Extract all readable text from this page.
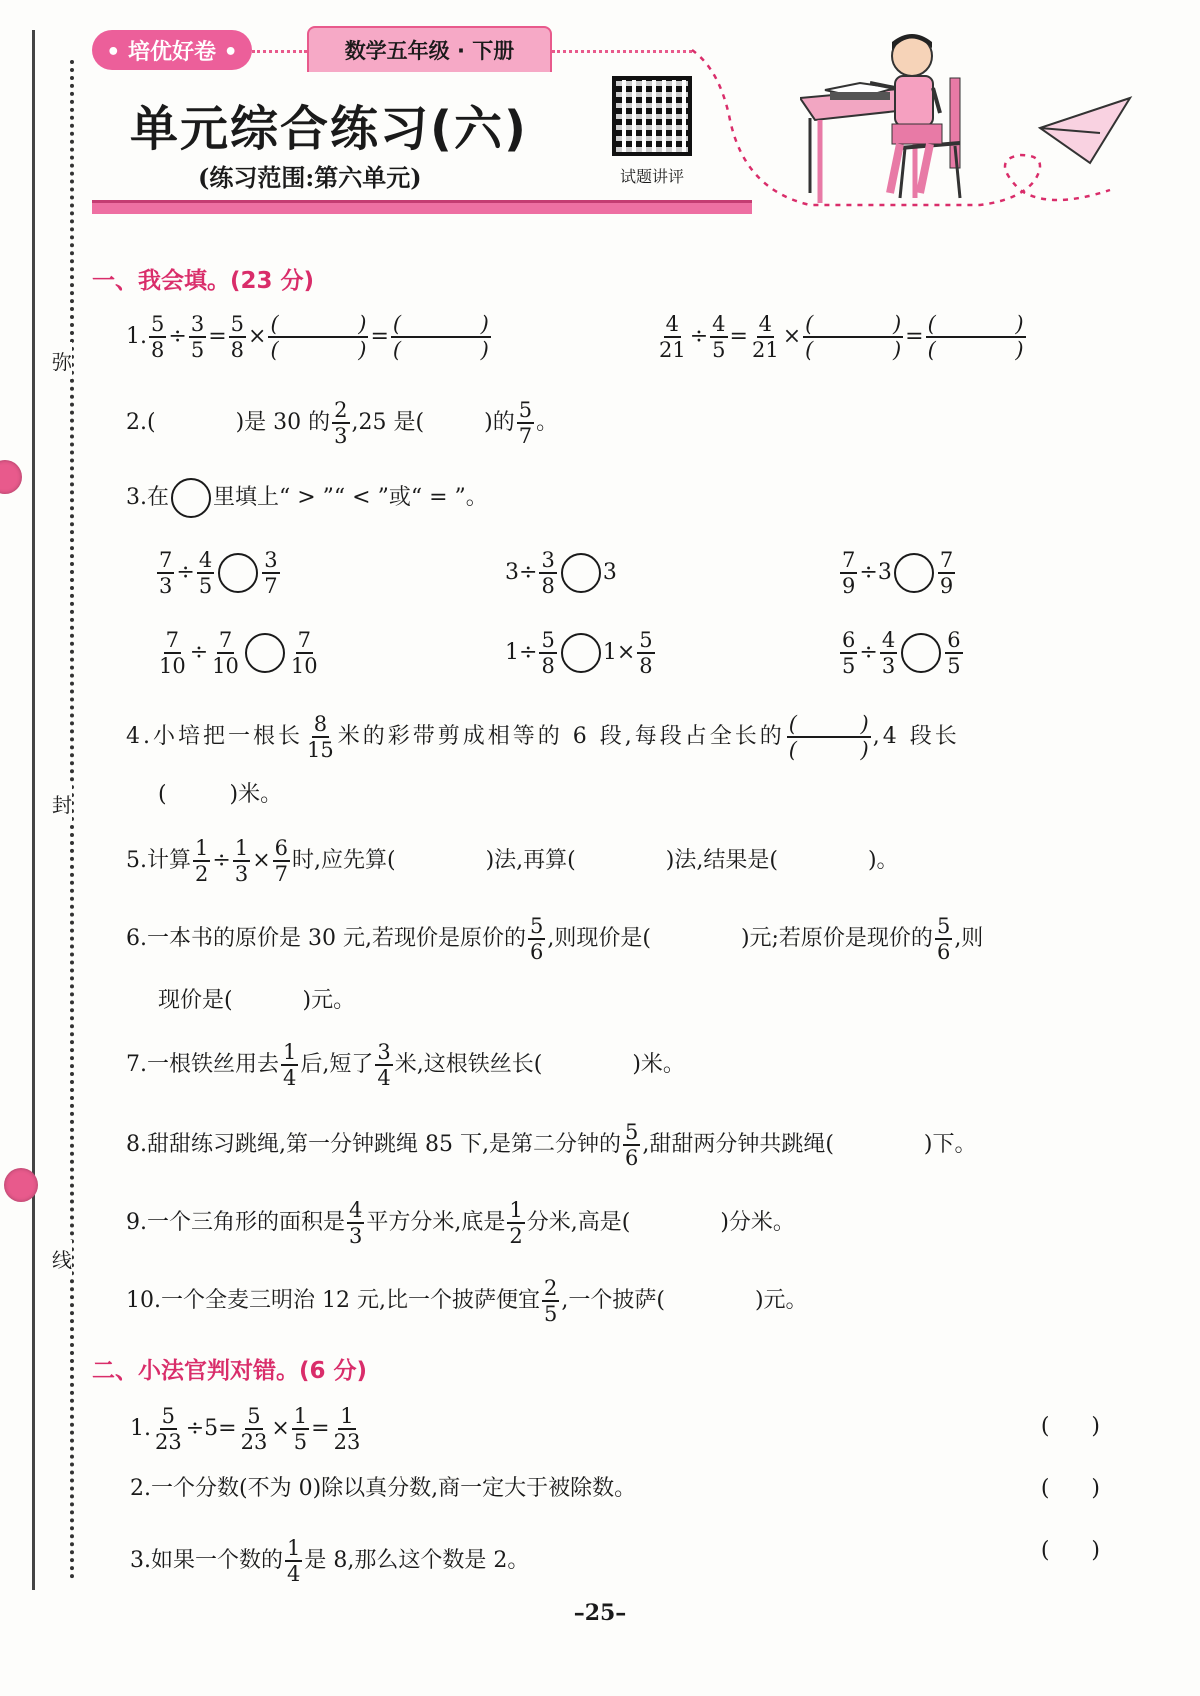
弥
封
线
• 培优好卷 •	数学五年级 · 下册
单元综合练习(六)
(练习范围:第六单元)	试题讲评
一、我会填。(23 分)
1. $\frac{5}{8} \div \frac{3}{5} = \frac{5}{8}$ × (	)
(	) = (	)
(	)	$\frac{4}{21} \div \frac{4}{5} = \frac{4}{21}$ × (	)
(	) = (	)
(	)
2. (	)是 30 的 $\frac{2}{3} ,25$ 是(	)的 $\frac{5}{7}$ 。
3. 在 里填上“ > ”“ < ”或“ = ”。
$\frac{7}{3} \div \frac{4}{5} \frac{3}{7}$	$3 \div \frac{3}{8} 3$	$\frac{7}{9} \div 3 \frac{7}{9}$
$\frac{7}{10} \div \frac{7}{10} \frac{7}{10}$	$1 \div \frac{5}{8} 1 \times \frac{5}{8}$	$\frac{6}{5} \div \frac{4}{3} \frac{6}{5}$
4. 小培把一根长 $\frac{8}{15}$ 米的彩带剪成相等的 6 段,每段占全长的 (	)
(	) ,4 段长
(         )米。
5. 计算 $\frac{1}{2} \div \frac{1}{3} \times \frac{6}{7}$ 时,应先算(	)法,再算(	)法,结果是(	)。
6. 一本书的原价是 30 元,若现价是原价的 $\frac{5}{6}$ ,则现价是(	)元;若原价是现价的 $\frac{5}{6}$ ,则
现价是(          )元。
7. 一根铁丝用去 $\frac{1}{4}$ 后,短了 $\frac{3}{4}$ 米,这根铁丝长(	)米。
8. 甜甜练习跳绳,第一分钟跳绳 85 下,是第二分钟的 $\frac{5}{6}$ ,甜甜两分钟共跳绳(	)下。
9. 一个三角形的面积是 $\frac{4}{3}$ 平方分米,底是 $\frac{1}{2}$ 分米,高是(	)分米。
10. 一个全麦三明治 12 元,比一个披萨便宜 $\frac{2}{5}$ ,一个披萨(	)元。
二、小法官判对错。(6 分)
1. $\frac{5}{23} \div 5 = \frac{5}{23} \times \frac{1}{5} = \frac{1}{23}$	(      )
2. 一个分数(不为 0)除以真分数,商一定大于被除数。	(      )
3. 如果一个数的 $\frac{1}{4}$ 是 8,那么这个数是 2。	(      )
–25–
